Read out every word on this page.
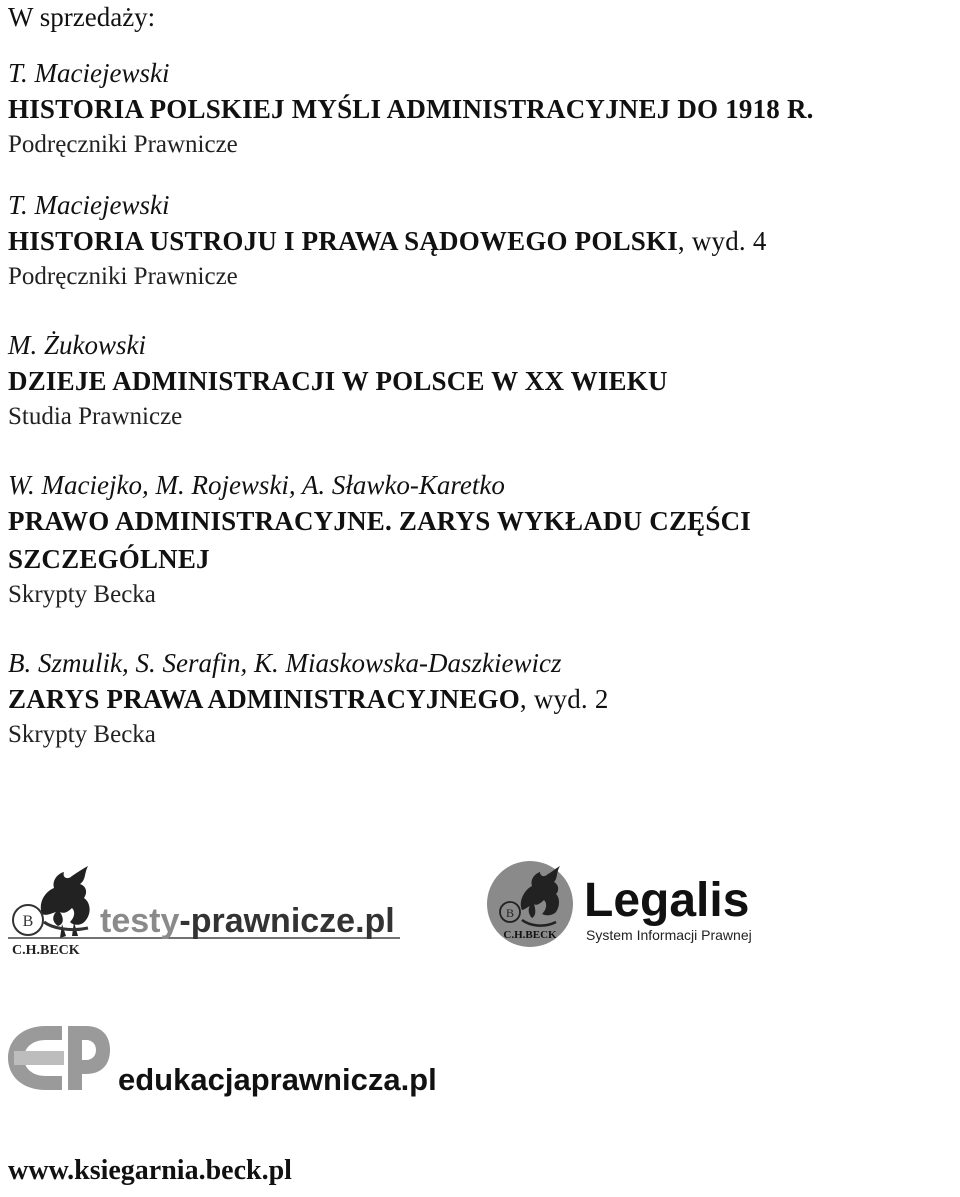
W sprzedaży:
T. Maciejewski
HISTORIA POLSKIEJ MYŚLI ADMINISTRACYJNEJ DO 1918 R.
Podręczniki Prawnicze
T. Maciejewski
HISTORIA USTROJU I PRAWA SĄDOWEGO POLSKI, wyd. 4
Podręczniki Prawnicze
M. Żukowski
DZIEJE ADMINISTRACJI W POLSCE W XX WIEKU
Studia Prawnicze
W. Maciejko, M. Rojewski, A. Sławko-Karetko
PRAWO ADMINISTRACYJNE. ZARYS WYKŁADU CZĘŚCI SZCZEGÓLNEJ
Skrypty Becka
B. Szmulik, S. Serafin, K. Miaskowska-Daszkiewicz
ZARYS PRAWA ADMINISTRACYJNEGO, wyd. 2
Skrypty Becka
B
C.H.BECK
testy-prawnicze.pl	B
C.H.BECK
Legalis
System Informacji Prawnej
edukacjaprawnicza.pl
www.ksiegarnia.beck.pl
